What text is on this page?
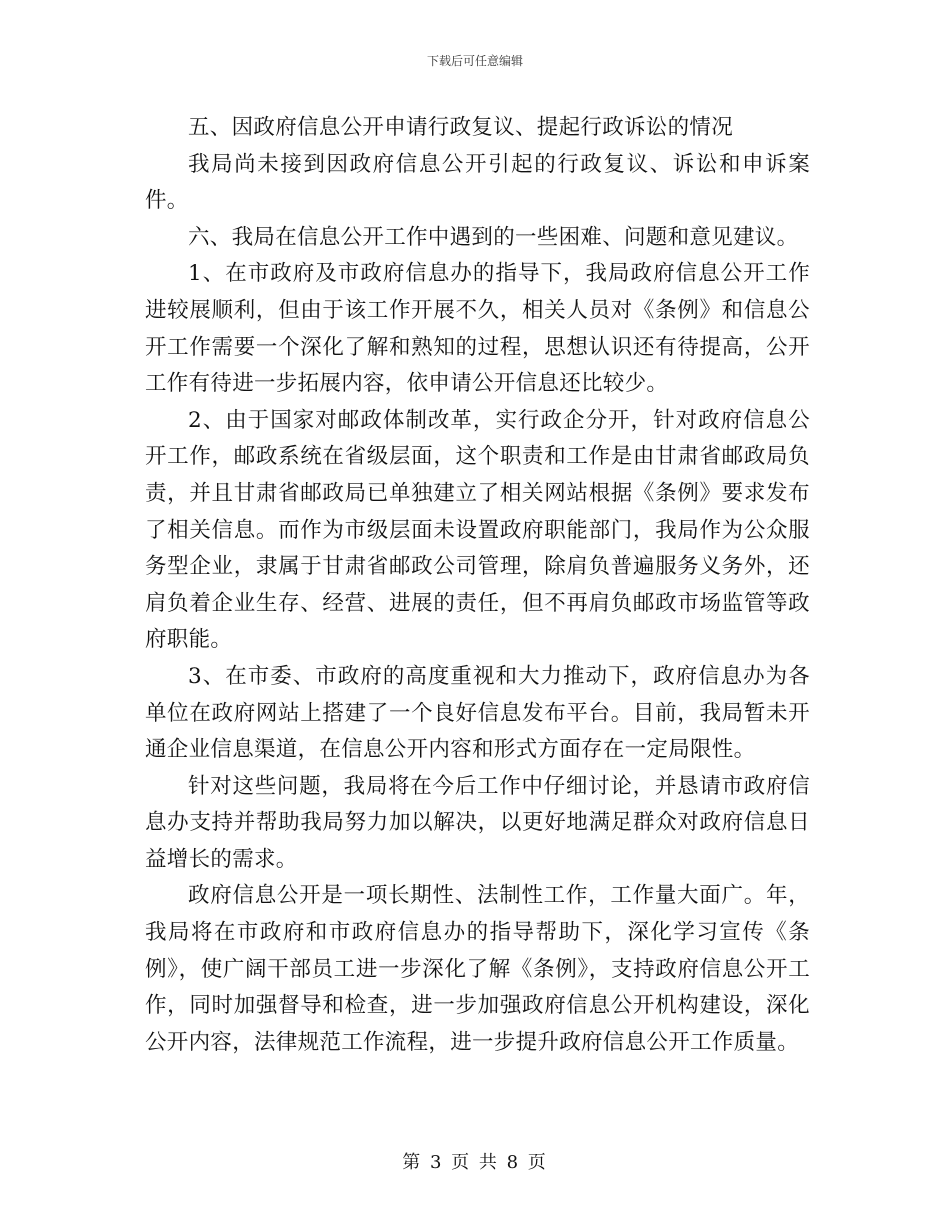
下载后可任意编辑

五、因政府信息公开申请行政复议、提起行政诉讼的情况

我局尚未接到因政府信息公开引起的行政复议、诉讼和申诉案件。

六、我局在信息公开工作中遇到的一些困难、问题和意见建议。

1、在市政府及市政府信息办的指导下，我局政府信息公开工作进较展顺利，但由于该工作开展不久，相关人员对《条例》和信息公开工作需要一个深化了解和熟知的过程，思想认识还有待提高，公开工作有待进一步拓展内容，依申请公开信息还比较少。

2、由于国家对邮政体制改革，实行政企分开，针对政府信息公开工作，邮政系统在省级层面，这个职责和工作是由甘肃省邮政局负责，并且甘肃省邮政局已单独建立了相关网站根据《条例》要求发布了相关信息。而作为市级层面未设置政府职能部门，我局作为公众服务型企业，隶属于甘肃省邮政公司管理，除肩负普遍服务义务外，还肩负着企业生存、经营、进展的责任，但不再肩负邮政市场监管等政府职能。

3、在市委、市政府的高度重视和大力推动下，政府信息办为各单位在政府网站上搭建了一个良好信息发布平台。目前，我局暂未开通企业信息渠道，在信息公开内容和形式方面存在一定局限性。

针对这些问题，我局将在今后工作中仔细讨论，并恳请市政府信息办支持并帮助我局努力加以解决，以更好地满足群众对政府信息日益增长的需求。

政府信息公开是一项长期性、法制性工作，工作量大面广。年，我局将在市政府和市政府信息办的指导帮助下，深化学习宣传《条例》，使广阔干部员工进一步深化了解《条例》，支持政府信息公开工作，同时加强督导和检查，进一步加强政府信息公开机构建设，深化公开内容，法律规范工作流程，进一步提升政府信息公开工作质量。

第 3 页 共 8 页
